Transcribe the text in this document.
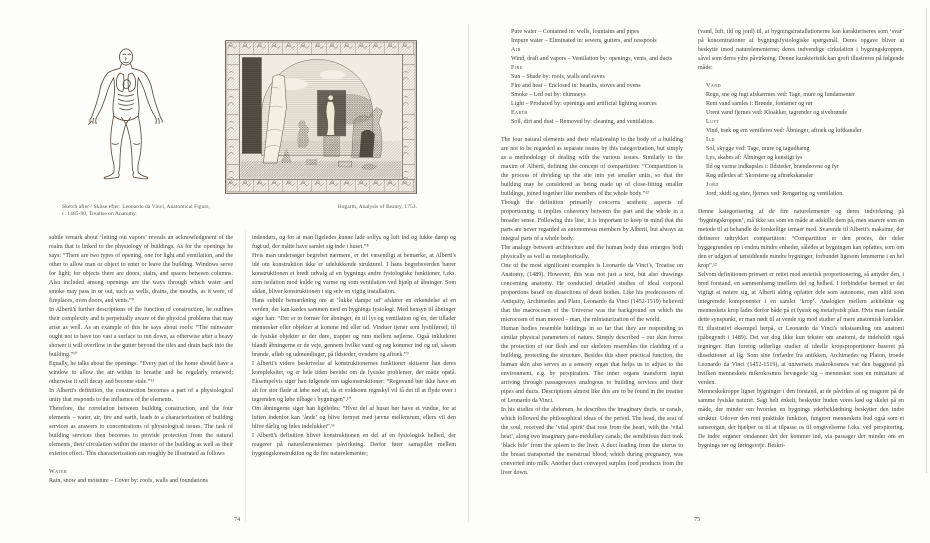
Sketch after / Skitse efter: Leonardo da Vinci, Anatomical Figure,
c. 1485-90, Treatise on Anatomy.
Hogarth, Analysis of Beauty, 1753.

subtle remark about ‘letting out vapors’ reveals an acknowledgment of the realm that is linked to the physiology of buildings. As for the openings he says: “There are two types of opening, one for light and ventilation, and the other to allow man or object to enter or leave the building. Windows serve for light; for objects there are doors, stairs, and spaces between columns. Also included among openings are the ways through which water and smoke may pass in or out, such as wells, drains, the mouths, as it were, of fireplaces, oven doors, and vents.”⁹

In Alberti's further descriptions of the function of construction, he outlines their complexity and is perpetually aware of the physical problems that may arise as well. As an example of this he says about roofs: “The rainwater ought not to have too vast a surface to run down, as otherwise after a heavy shower it will overflow in the gutter beyond the tiles and drain back into the building.”¹⁰

Equally, he talks about the openings: “Every part of the home should have a window to allow the air within to breathe and be regularly renewed; otherwise it will decay and become stale.”¹¹

In Alberti's definition, the construction becomes a part of a physiological unity that responds to the influence of the elements.

Therefore, the correlation between building construction, and the four elements – water, air, fire and earth, leads to a characterization of building services as answers to concentrations of physiological issues. The task of building services then becomes to provide protection from the natural elements, their circulation within the interior of the building as well as their exterior effect. This characterization can roughly be illustrated as follows

Water

Rain, snow and moisture – Cover by: roofs, walls and foundations

indendørs, og for at man ligeledes kunne lade sollys og luft ind og lukke damp og fugt ud, der måtte have samlet sig inde i huset.”⁸

Hvis man undersøger begrebet nærmere, er det væsentligt at bemærke, at Alberti's idé om konstruktion ikke er udelukkende strukturel. I hans begrebsverden bærer konstruktionen et bredt udvalg af en bygnings andre fysiologiske funktioner, f.eks. som isolation mod kulde og varme og som ventilation ved hjælp af åbninger. Som sådan, bliver konstruktionen i sig selv en vigtig installation.

Hans subtile bemærkning om at ‘lukke dampe ud’ afslører en erkendelse af en verden, der kan kædes sammen med en bygnings fysiologi. Med hensyn til åbninger siger han: “Der er to former for åbninger, én til lys og ventilation og én, der tillader mennesker eller objekter at komme ind eller ud. Vinduer tjener som lystilførsel; til de fysiske objekter er der døre, trapper og rum mellem søjlerne. Også inkluderet blandt åbningerne er de veje, gennem hvilke vand og røg kommer ind og ud, såsom brønde, afløb og udmundinger, på ildsteder, ovndøre og aftræk.”⁹

I Alberti's videre beskrivelse af konstruktionernes funktioner skitserer han deres kompleksitet, og er hele tiden bevidst om de fysiske problemer, der måtte opstå. Eksempelvis siger han følgende om tagkonstruktioner: “Regnvand bør ikke have en alt for stor flade at løbe ned ad, da et voldsomt regnskyl vil få det til at flyde over i tagrenden og løbe tilbage i bygningen”.¹⁰

Om åbningerne siger han ligeledes: “Hver del af huset bør have et vindue, for at luften indenfor kan ‘ånde’ og blive fornyet med jævne mellemrum, ellers vil den blive dårlig og føles indelukket”.¹¹

I Alberti's definition bliver konstruktionen en del af en fysiologisk helhed, der reagerer på naturelementernes påvirkning. Derfor fører samspillet mellem bygningskonstruktion og de fire naturelementer;

74

Pure water – Contained in: wells, fountains and pipes

Impure water – Eliminated in: sewers, gutters, and cesspools

Air

Wind, draft and vapors – Ventilation by: openings, vents, and ducts

Fire

Sun – Shade by: roofs, walls and eaves

Fire and heat – Enclosed in: hearths, stoves and ovens

Smoke – Led out by: chimneys

Light – Produced by: openings and artificial lighting sources

Earth

Soil, dirt and dust – Removed by: cleaning, and ventilation.

The four natural elements and their relationship to the body of a building are not to be regarded as separate issues by this categorization, but simply as a methodology of dealing with the various issues. Similarly to the maxim of Alberti, defining the concept of compartition: “Compartition is the process of dividing up the site into yet smaller units, so that the building may be considered as being made up of close-fitting smaller buildings, joined together like members of the whole body.”¹²

Though the definition primarily concerns aesthetic aspects of proportioning, it implies coherency between the part and the whole in a broader sense. Following this line, it is important to keep in mind that the parts are never regarded as autonomous members by Alberti, but always as integral parts of a whole body.

The analogy between architecture and the human body thus emerges both physically as well as metaphorically.

One of the most significant examples is Leonardo da Vinci's, Treatise on Anatomy, (1489). However, this was not just a text, but also drawings concerning anatomy. He conducted detailed studies of ideal corporal proportions based on dissections of dead bodies. Like his predecessors of Antiquity, Archimedes and Plato, Leonardo da Vinci (1452-1519) believed that the macrocosm of the Universe was the background on which the microcosm of man moved – man, the miniaturization of the world.

Human bodies resemble buildings in so far that they are responding to similar physical parameters of nature. Simply described – our skin forms the protection of our flesh and our skeleton resembles the cladding of a building, protecting the structure. Besides this sheer practical function, the human skin also serves as a sensory organ that helps us to adjust to the environment, e.g. by perspiration. The inner organs transform input arriving through passageways analogous to building services and their pipes and ducts. Descriptions almost like this are to be found in the treatise of Leonardo da Vinci.

In his studies of the abdomen, he describes the imaginary ducts, or canals, which followed the philosophical ideas of the period. The head, the seat of the soul, received the ‘vital spirit’ that rose from the heart, with the ‘vital heat’, along two imaginary para-medullary canals; the semibifous duct took ‘black bile’ from the spleen to the liver. A duct leading from the uterus to the breast transported the menstrual blood, which during pregnancy, was converted into milk. Another duct conveyed surplus food products from the liver down.

(vand, luft, ild og jord) til, at bygningsinstallationerne kan karakteriseres som ‘svar’ på koncentrationer af bygningsfysiologiske spørgsmål. Deres opgave bliver at beskytte imod naturelementerne; deres indvendige cirkulation i bygningskroppen, såvel som deres ydre påvirkning. Denne karakteristik kan groft illustreres på følgende måde:

Vand

Regn, sne og fugt afskærmes ved: Tage, mure og fundamenter

Rent vand samles i: Brønde, fontæner og rør

Urent vand fjernes ved: Kloakker, tagrender og sivebrønde

Luft

Vind, træk og em ventileres ved: Åbninger, aftræk og luftkanaler

Ild

Sol, skygge ved: Tage, mure og tagudhæng

Lys, skabes af: Åbninger og kunstigt lys

Ild og varme indkapsles i: Ildsteder, brændeovne og fyr

Røg udledes af: Skorstene og aftrækskanaler

Jord

Jord, skidt og støv, fjernes ved: Rengøring og ventilation.

Denne kategorisering af de fire naturelementer og deres indvirkning på ‘bygningskroppen’, må ikke ses som en måde at adskille dem på, men snarere som en metode til at behandle de forskellige temaer med. Svarende til Alberti's maksime, der definerer udtrykket compartition: “Compartition er den proces, der deler byggegrunden op i endnu mindre enheder, således at bygningen kan opfattes, som om den er udgjort af tætsiddende mindre bygninger, forbundet ligesom lemmerne i en hel krop”.¹²

Selvom definitionen primært er rettet mod æstetisk proportionering, så antyder den, i bred forstand, en sammenhæng imellem del og helhed. I forbindelse hermed er det vigtigt at notere sig, at Alberti aldrig opfatter dele som autonome, men altid som integrerede komponenter i en samlet ‘krop’. Analogien mellem arkitektur og menneskets krop lades derfor både på et fysisk og metafysisk plan. Hvis man fastslår dette synspunkt, er man nødt til at vende sig mod studier af mere anatomisk karakter. Et illustrativt eksempel herpå, er Leonardo da Vinci's tekstsamling om anatomi (påbegyndt i 1489). Det var dog ikke kun tekster om anatomi, de indeholdt også tegninger. Han foretog udførlige studier af ideelle kropsproportioner baseret på dissektioner af lig. Som sine forfædre fra antikken, Archimedes og Platon, troede Leonardo da Vinci (1452-1519), at universets makrokosmos var den baggrund på hvilken menneskets mikrokosmos bevægede sig – mennesket som en miniature af verden.

Menneskekroppe ligner bygninger i den forstand, at de påvirkes af og reagerer på de samme fysiske naturer. Sagt helt enkelt, beskytter huden vores kød og skelet på en måde, der minder om hvordan en bygnings yderbeklædning beskytter den indre struktur. Udover den rent praktiske funktion, fungerer menneskets hud også som et sanseorgan, der hjælper os til at tilpasse os til omgivelserne f.eks. ved perspirering. De indre organer omdanner det der kommer ind, via passager der minder om en bygnings rør og føringsveje. Beskri-

75
